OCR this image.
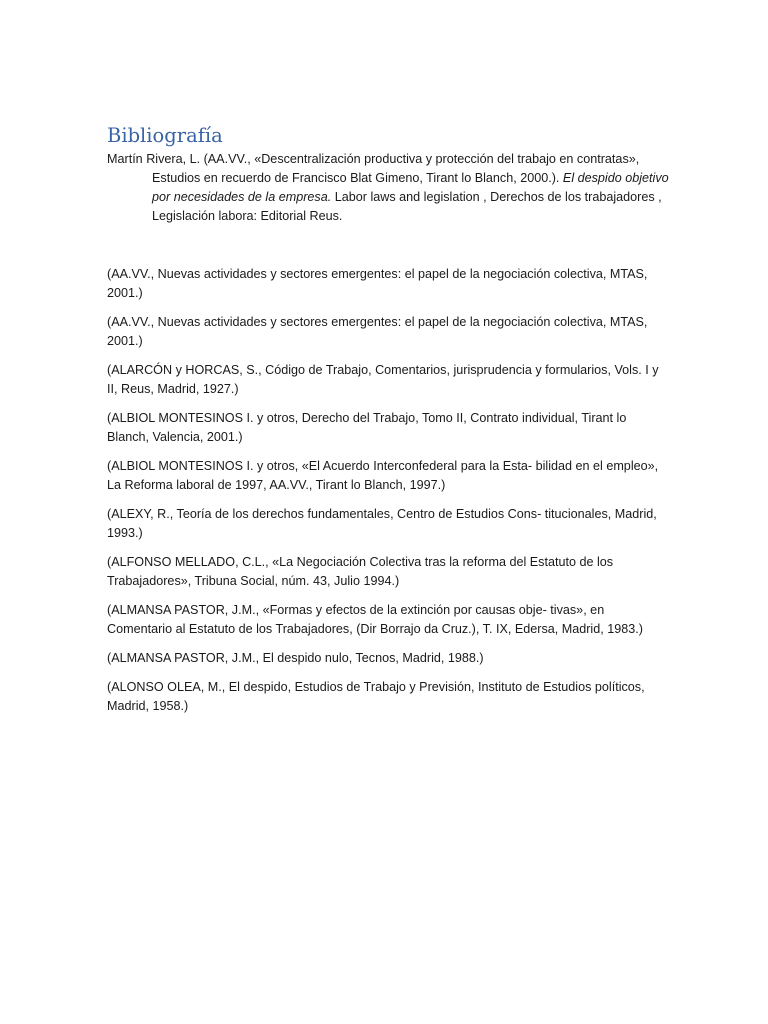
Bibliografía

Martín Rivera, L. (AA.VV., «Descentralización productiva y protección del trabajo en contratas», Estudios en recuerdo de Francisco Blat Gimeno, Tirant lo Blanch, 2000.). El despido objetivo por necesidades de la empresa. Labor laws and legislation , Derechos de los trabajadores , Legislación labora: Editorial Reus.

(AA.VV., Nuevas actividades y sectores emergentes: el papel de la negociación colectiva, MTAS, 2001.)
(AA.VV., Nuevas actividades y sectores emergentes: el papel de la negociación colectiva, MTAS, 2001.)
(ALARCÓN y HORCAS, S., Código de Trabajo, Comentarios, jurisprudencia y formularios, Vols. I y II, Reus, Madrid, 1927.)
(ALBIOL MONTESINOS I. y otros, Derecho del Trabajo, Tomo II, Contrato individual, Tirant lo Blanch, Valencia, 2001.)
(ALBIOL MONTESINOS I. y otros, «El Acuerdo Interconfederal para la Esta- bilidad en el empleo», La Reforma laboral de 1997, AA.VV., Tirant lo Blanch, 1997.)
(ALEXY, R., Teoría de los derechos fundamentales, Centro de Estudios Cons- titucionales, Madrid, 1993.)
(ALFONSO MELLADO, C.L., «La Negociación Colectiva tras la reforma del Estatuto de los Trabajadores», Tribuna Social, núm. 43, Julio 1994.)
(ALMANSA PASTOR, J.M., «Formas y efectos de la extinción por causas obje- tivas», en Comentario al Estatuto de los Trabajadores, (Dir Borrajo da Cruz.), T. IX, Edersa, Madrid, 1983.)
(ALMANSA PASTOR, J.M., El despido nulo, Tecnos, Madrid, 1988.)
(ALONSO OLEA, M., El despido, Estudios de Trabajo y Previsión, Instituto de Estudios políticos, Madrid, 1958.)
